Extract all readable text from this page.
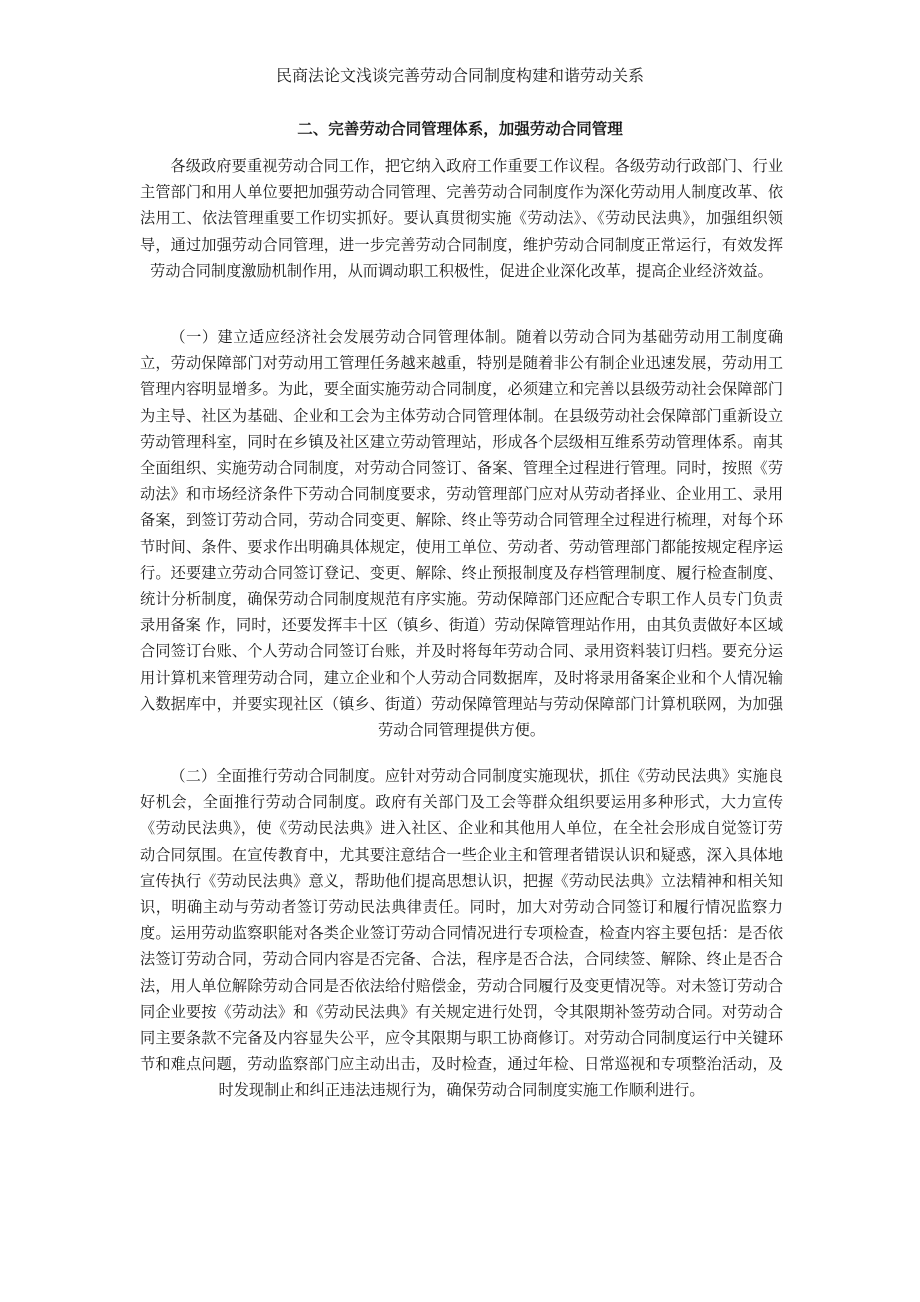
民商法论文浅谈完善劳动合同制度构建和谐劳动关系
二、完善劳动合同管理体系，加强劳动合同管理

各级政府要重视劳动合同工作，把它纳入政府工作重要工作议程。各级劳动行政部门、行业主管部门和用人单位要把加强劳动合同管理、完善劳动合同制度作为深化劳动用人制度改革、依法用工、依法管理重要工作切实抓好。要认真贯彻实施《劳动法》、《劳动民法典》，加强组织领导，通过加强劳动合同管理，进一步完善劳动合同制度，维护劳动合同制度正常运行，有效发挥劳动合同制度激励机制作用，从而调动职工积极性，促进企业深化改革，提高企业经济效益。

（一）建立适应经济社会发展劳动合同管理体制。随着以劳动合同为基础劳动用工制度确立，劳动保障部门对劳动用工管理任务越来越重，特别是随着非公有制企业迅速发展，劳动用工管理内容明显增多。为此，要全面实施劳动合同制度，必须建立和完善以县级劳动社会保障部门为主导、社区为基础、企业和工会为主体劳动合同管理体制。在县级劳动社会保障部门重新设立劳动管理科室，同时在乡镇及社区建立劳动管理站，形成各个层级相互维系劳动管理体系。南其全面组织、实施劳动合同制度，对劳动合同签订、备案、管理全过程进行管理。同时，按照《劳动法》和市场经济条件下劳动合同制度要求，劳动管理部门应对从劳动者择业、企业用工、录用备案，到签订劳动合同，劳动合同变更、解除、终止等劳动合同管理全过程进行梳理，对每个环节时间、条件、要求作出明确具体规定，使用工单位、劳动者、劳动管理部门都能按规定程序运行。还要建立劳动合同签订登记、变更、解除、终止预报制度及存档管理制度、履行检查制度、统计分析制度，确保劳动合同制度规范有序实施。劳动保障部门还应配合专职工作人员专门负责录用备案 作，同时，还要发挥丰十区（镇乡、街道）劳动保障管理站作用，由其负责做好本区域合同签订台账、个人劳动合同签订台账，并及时将每年劳动合同、录用资料装订归档。要充分运用计算机来管理劳动合同，建立企业和个人劳动合同数据库，及时将录用备案企业和个人情况输入数据库中，并要实现社区（镇乡、街道）劳动保障管理站与劳动保障部门计算机联网，为加强劳动合同管理提供方便。

（二）全面推行劳动合同制度。应针对劳动合同制度实施现状，抓住《劳动民法典》实施良好机会，全面推行劳动合同制度。政府有关部门及工会等群众组织要运用多种形式，大力宣传《劳动民法典》，使《劳动民法典》进入社区、企业和其他用人单位，在全社会形成自觉签订劳动合同氛围。在宣传教育中，尤其要注意结合一些企业主和管理者错误认识和疑惑，深入具体地宣传执行《劳动民法典》意义，帮助他们提高思想认识，把握《劳动民法典》立法精神和相关知识，明确主动与劳动者签订劳动民法典律责任。同时，加大对劳动合同签订和履行情况监察力度。运用劳动监察职能对各类企业签订劳动合同情况进行专项检查，检查内容主要包括：是否依法签订劳动合同，劳动合同内容是否完备、合法，程序是否合法，合同续签、解除、终止是否合法，用人单位解除劳动合同是否依法给付赔偿金，劳动合同履行及变更情况等。对未签订劳动合同企业要按《劳动法》和《劳动民法典》有关规定进行处罚，令其限期补签劳动合同。对劳动合同主要条款不完备及内容显失公平，应令其限期与职工协商修订。对劳动合同制度运行中关键环节和难点问题，劳动监察部门应主动出击，及时检查，通过年检、日常巡视和专项整治活动，及时发现制止和纠正违法违规行为，确保劳动合同制度实施工作顺利进行。
